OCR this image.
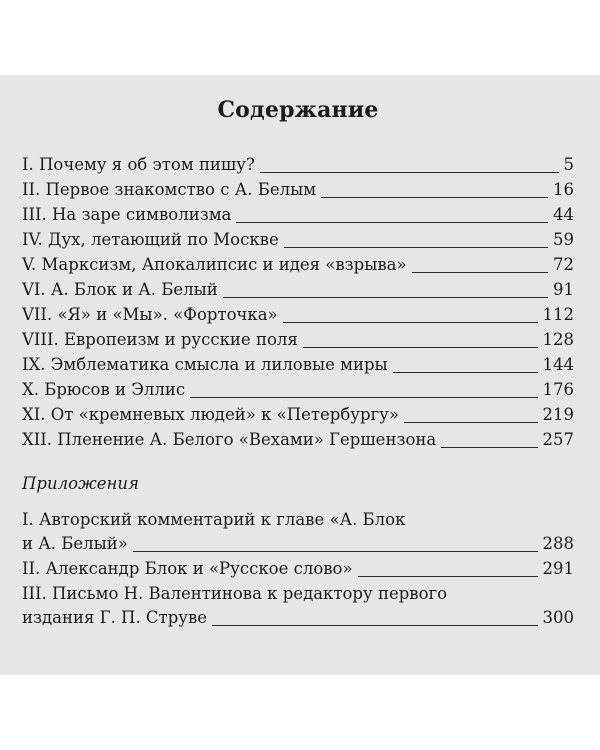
Содержание
I. Почему я об этом пишу?	5
II. Первое знакомство с А. Белым	16
III. На заре символизма	44
IV. Дух, летающий по Москве	59
V. Марксизм, Апокалипсис и идея «взрыва»	72
VI. А. Блок и А. Белый	91
VII. «Я» и «Мы». «Форточка»	112
VIII. Европеизм и русские поля	128
IX. Эмблематика смысла и лиловые миры	144
X. Брюсов и Эллис	176
XI. От «кремневых людей» к «Петербургу»	219
XII. Пленение А. Белого «Вехами» Гершензона	257
Приложения
I. Авторский комментарий к главе «А. Блок
и А. Белый»	288
II. Александр Блок и «Русское слово»	291
III. Письмо Н. Валентинова к редактору первого
издания Г. П. Струве	300
